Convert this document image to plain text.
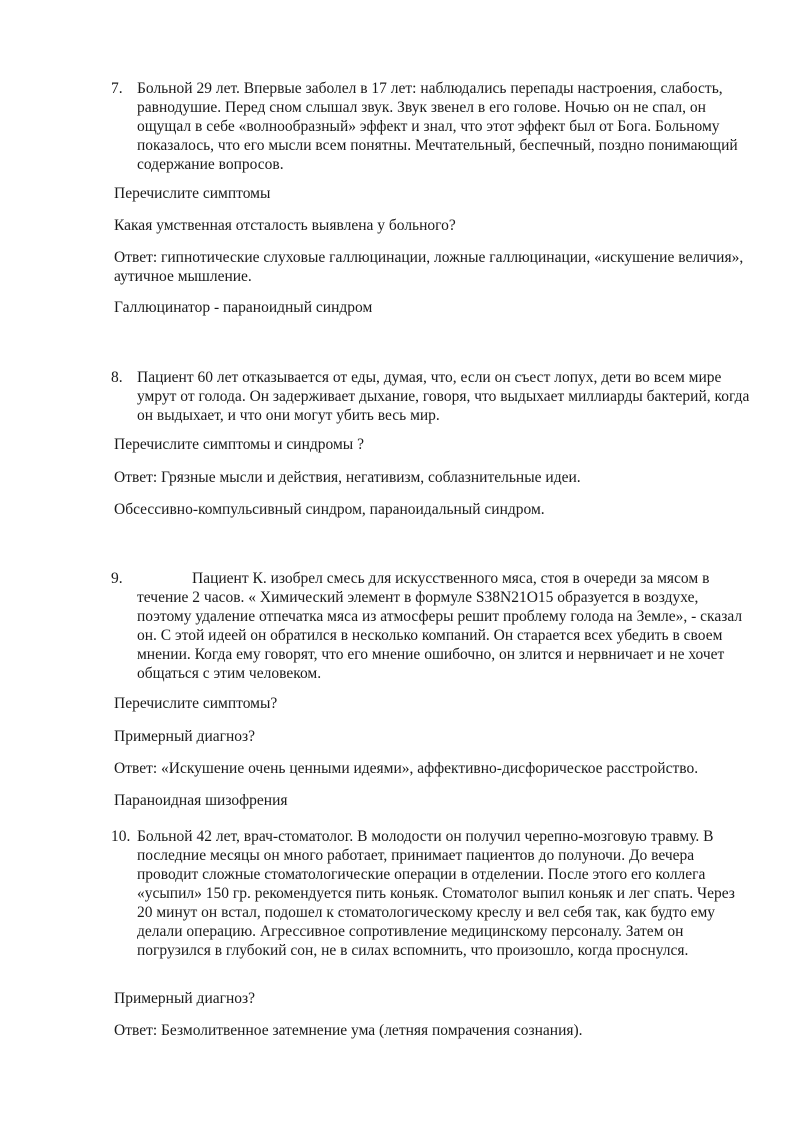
7. Больной 29 лет. Впервые заболел в 17 лет: наблюдались перепады настроения, слабость, равнодушие. Перед сном слышал звук. Звук звенел в его голове. Ночью он не спал, он ощущал в себе «волнообразный» эффект и знал, что этот эффект был от Бога. Больному показалось, что его мысли всем понятны. Мечтательный, беспечный, поздно понимающий содержание вопросов.
Перечислите симптомы
Какая умственная отсталость выявлена у больного?
Ответ: гипнотические слуховые галлюцинации, ложные галлюцинации, «искушение величия», аутичное мышление.
Галлюцинатор - параноидный синдром
8. Пациент 60 лет отказывается от еды, думая, что, если он съест лопух, дети во всем мире умрут от голода. Он задерживает дыхание, говоря, что выдыхает миллиарды бактерий, когда он выдыхает, и что они могут убить весь мир.
Перечислите симптомы и синдромы ?
Ответ: Грязные мысли и действия, негативизм, соблазнительные идеи.
Обсессивно-компульсивный синдром, параноидальный синдром.
9.	Пациент К. изобрел смесь для искусственного мяса, стоя в очереди за мясом в течение 2 часов. « Химический элемент в формуле S38N21O15 образуется в воздухе, поэтому удаление отпечатка мяса из атмосферы решит проблему голода на Земле», - сказал он. С этой идеей он обратился в несколько компаний. Он старается всех убедить в своем мнении. Когда ему говорят, что его мнение ошибочно, он злится и нервничает и не хочет общаться с этим человеком.
Перечислите симптомы?
Примерный диагноз?
Ответ: «Искушение очень ценными идеями», аффективно-дисфорическое расстройство.
Параноидная шизофрения
10. Больной 42 лет, врач-стоматолог. В молодости он получил черепно-мозговую травму. В последние месяцы он много работает, принимает пациентов до полуночи. До вечера проводит сложные стоматологические операции в отделении. После этого его коллега «усыпил» 150 гр. рекомендуется пить коньяк. Стоматолог выпил коньяк и лег спать. Через 20 минут он встал, подошел к стоматологическому креслу и вел себя так, как будто ему делали операцию. Агрессивное сопротивление медицинскому персоналу. Затем он погрузился в глубокий сон, не в силах вспомнить, что произошло, когда проснулся.
Примерный диагноз?
Ответ: Безмолитвенное затемнение ума (летняя помрачения сознания).
